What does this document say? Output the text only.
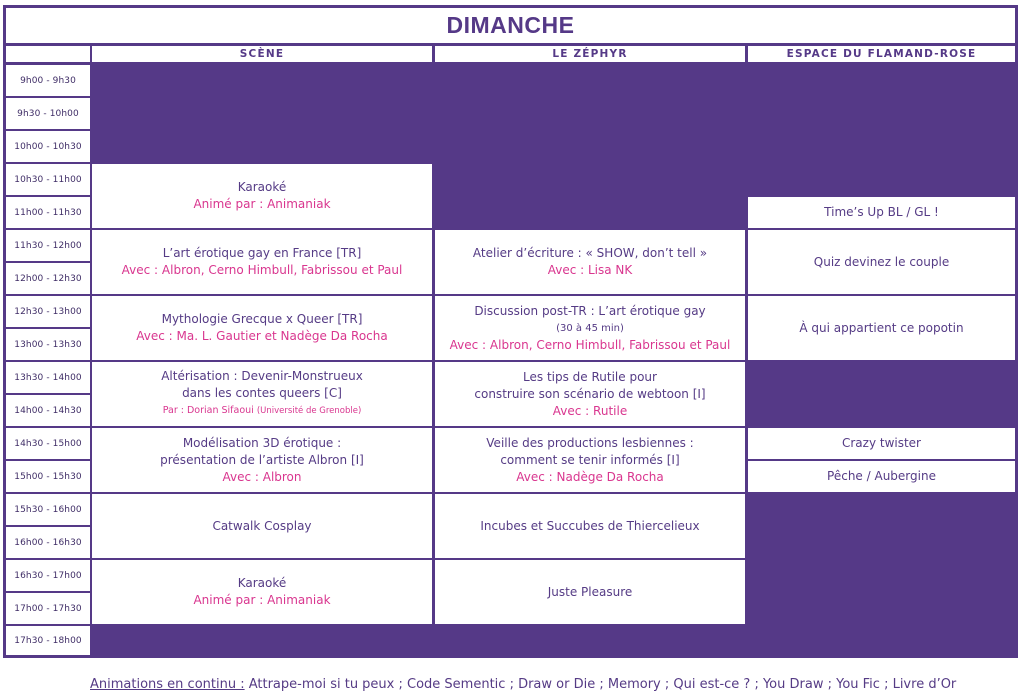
DIMANCHE
SCÈNE	LE ZÉPHYR	ESPACE DU FLAMAND-ROSE
9h00 - 9h30
9h30 - 10h00
10h00 - 10h30
10h30 - 11h00
11h00 - 11h30
11h30 - 12h00
12h00 - 12h30
12h30 - 13h00
13h00 - 13h30
13h30 - 14h00
14h00 - 14h30
14h30 - 15h00
15h00 - 15h30
15h30 - 16h00
16h00 - 16h30
16h30 - 17h00
17h00 - 17h30
17h30 - 18h00
Karaoké
Animé par : Animaniak
L’art érotique gay en France [TR]
Avec : Albron, Cerno Himbull, Fabrissou et Paul
Mythologie Grecque x Queer [TR]
Avec : Ma. L. Gautier et Nadège Da Rocha
Altérisation : Devenir-Monstrueux
dans les contes queers [C]
Par : Dorian Sifaoui (Université de Grenoble)
Modélisation 3D érotique :
présentation de l’artiste Albron [I]
Avec : Albron
Catwalk Cosplay
Karaoké
Animé par : Animaniak
Atelier d’écriture : « SHOW, don’t tell »
Avec : Lisa NK
Discussion post-TR : L’art érotique gay
(30 à 45 min)
Avec : Albron, Cerno Himbull, Fabrissou et Paul
Les tips de Rutile pour
construire son scénario de webtoon [I]
Avec : Rutile
Veille des productions lesbiennes :
comment se tenir informés [I]
Avec : Nadège Da Rocha
Incubes et Succubes de Thiercelieux
Juste Pleasure
Time’s Up BL / GL !
Quiz devinez le couple
À qui appartient ce popotin
Crazy twister
Pêche / Aubergine
Animations en continu : Attrape-moi si tu peux ; Code Sementic ; Draw or Die ; Memory ; Qui est-ce ? ; You Draw ; You Fic ; Livre d’Or
